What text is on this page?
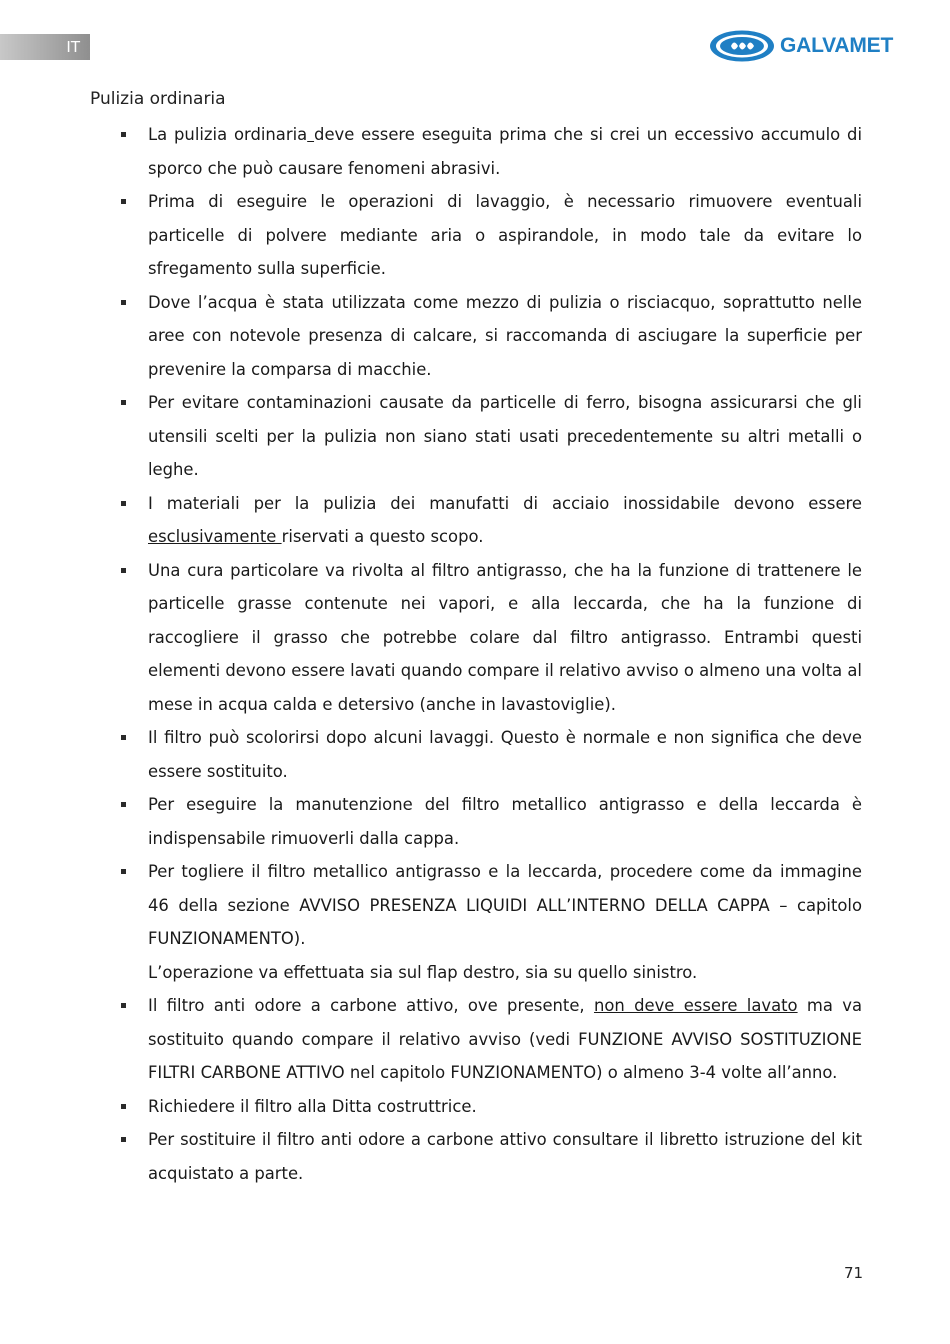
IT	GALVAMET
Pulizia ordinaria
La pulizia ordinaria deve essere eseguita prima che si crei un eccessivo accumulo di sporco che può causare fenomeni abrasivi.
Prima di eseguire le operazioni di lavaggio, è necessario rimuovere eventuali particelle di polvere mediante aria o aspirandole, in modo tale da evitare lo sfregamento sulla superficie.
Dove l’acqua è stata utilizzata come mezzo di pulizia o risciacquo, soprattutto nelle aree con notevole presenza di calcare, si raccomanda di asciugare la superficie per prevenire la comparsa di macchie.
Per evitare contaminazioni causate da particelle di ferro, bisogna assicurarsi che gli utensili scelti per la pulizia non siano stati usati precedentemente su altri metalli o leghe.
I materiali per la pulizia dei manufatti di acciaio inossidabile devono essere esclusivamente riservati a questo scopo.
Una cura particolare va rivolta al filtro antigrasso, che ha la funzione di trattenere le particelle grasse contenute nei vapori, e alla leccarda, che ha la funzione di raccogliere il grasso che potrebbe colare dal filtro antigrasso. Entrambi questi elementi devono essere lavati quando compare il relativo avviso o almeno una volta al mese in acqua calda e detersivo (anche in lavastoviglie).
Il filtro può scolorirsi dopo alcuni lavaggi. Questo è normale e non significa che deve essere sostituito.
Per eseguire la manutenzione del filtro metallico antigrasso e della leccarda è indispensabile rimuoverli dalla cappa.
Per togliere il filtro metallico antigrasso e la leccarda, procedere come da immagine 46 della sezione AVVISO PRESENZA LIQUIDI ALL’INTERNO DELLA CAPPA – capitolo FUNZIONAMENTO).
L’operazione va effettuata sia sul flap destro, sia su quello sinistro.
Il filtro anti odore a carbone attivo, ove presente, non deve essere lavato ma va sostituito quando compare il relativo avviso (vedi FUNZIONE AVVISO SOSTITUZIONE FILTRI CARBONE ATTIVO nel capitolo FUNZIONAMENTO) o almeno 3-4 volte all’anno.
Richiedere il filtro alla Ditta costruttrice.
Per sostituire il filtro anti odore a carbone attivo consultare il libretto istruzione del kit acquistato a parte.
71
